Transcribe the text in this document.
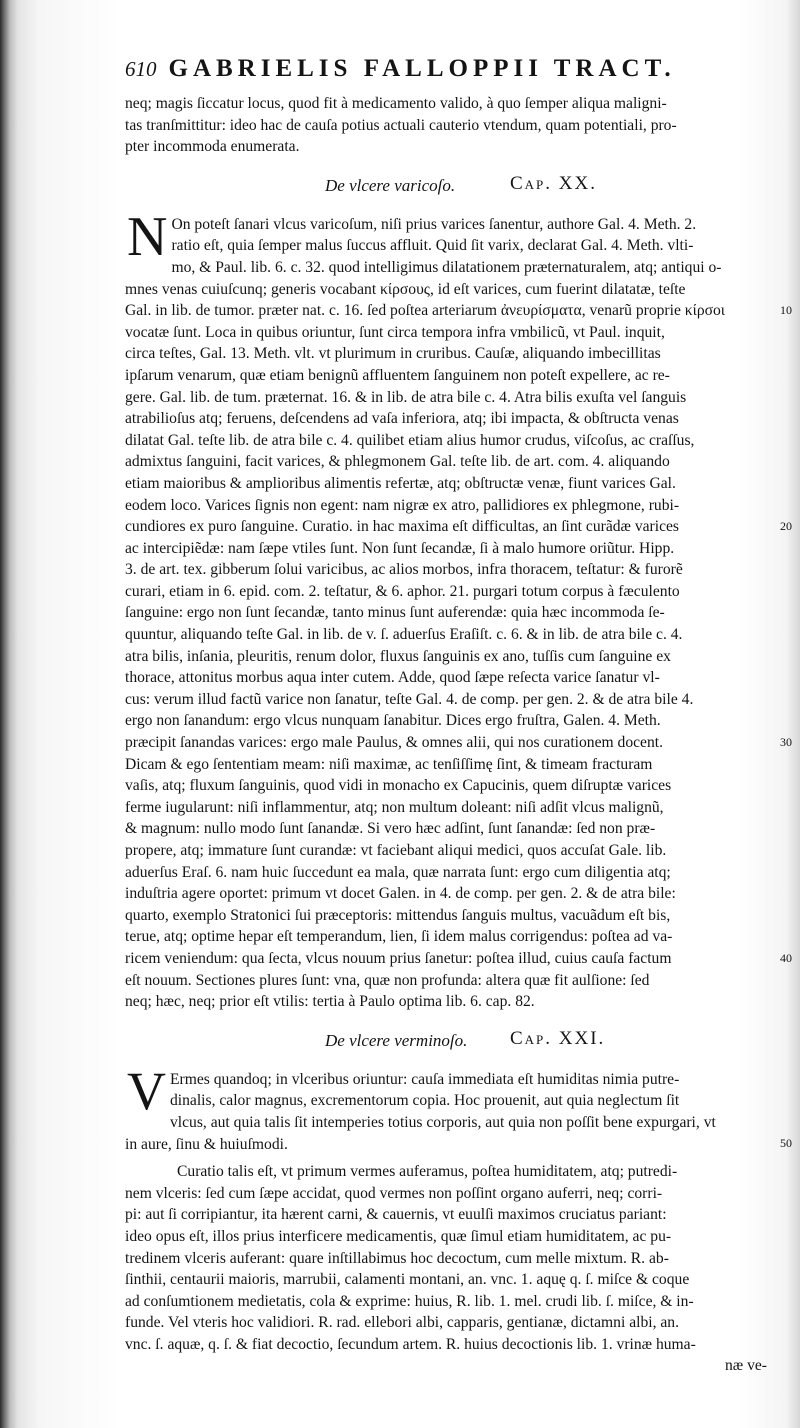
610 GABRIELIS FALLOPPII TRACT.
neq; magis ſiccatur locus, quod fit à medicamento valido, à quo ſemper aliqua maligni-
tas tranſmittitur: ideo hac de cauſa potius actuali cauterio vtendum, quam potentiali, pro-
pter incommoda enumerata.
De vlcere varicoſo.	Cap. XX.
N On poteſt ſanari vlcus varicoſum, niſi prius varices ſanentur, authore Gal. 4. Meth. 2.
ratio eſt, quia ſemper malus ſuccus affluit. Quid ſit varix, declarat Gal. 4. Meth. vlti-
mo, & Paul. lib. 6. c. 32. quod intelligimus dilatationem præternaturalem, atq; antiqui o-
mnes venas cuiuſcunq; generis vocabant κίρσους, id eſt varices, cum fuerint dilatatæ, teſte
Gal. in lib. de tumor. præter nat. c. 16. ſed poſtea arteriarum ἀνευρίσματα, venarũ proprie κίρσοι
vocatæ ſunt. Loca in quibus oriuntur, ſunt circa tempora infra vmbilicũ, vt Paul. inquit,
circa teſtes, Gal. 13. Meth. vlt. vt plurimum in cruribus. Cauſæ, aliquando imbecillitas
ipſarum venarum, quæ etiam benignũ affluentem ſanguinem non poteſt expellere, ac re-
gere. Gal. lib. de tum. præternat. 16. & in lib. de atra bile c. 4. Atra bilis exuſta vel ſanguis
atrabilioſus atq; feruens, deſcendens ad vaſa inferiora, atq; ibi impacta, & obſtructa venas
dilatat Gal. teſte lib. de atra bile c. 4. quilibet etiam alius humor crudus, viſcoſus, ac craſſus,
admixtus ſanguini, facit varices, & phlegmonem Gal. teſte lib. de art. com. 4. aliquando
etiam maioribus & amplioribus alimentis refertæ, atq; obſtructæ venæ, fiunt varices Gal.
eodem loco. Varices ſignis non egent: nam nigræ ex atro, pallidiores ex phlegmone, rubi-
cundiores ex puro ſanguine. Curatio. in hac maxima eſt difficultas, an ſint curãdæ varices
ac intercipiẽdæ: nam ſæpe vtiles ſunt. Non ſunt ſecandæ, ſi à malo humore oriũtur. Hipp.
3. de art. tex. gibberum ſolui varicibus, ac alios morbos, infra thoracem, teſtatur: & furorẽ
curari, etiam in 6. epid. com. 2. teſtatur, & 6. aphor. 21. purgari totum corpus à fæculento
ſanguine: ergo non ſunt ſecandæ, tanto minus ſunt auferendæ: quia hæc incommoda ſe-
quuntur, aliquando teſte Gal. in lib. de v. ſ. aduerſus Eraſiſt. c. 6. & in lib. de atra bile c. 4.
atra bilis, inſania, pleuritis, renum dolor, fluxus ſanguinis ex ano, tuſſis cum ſanguine ex
thorace, attonitus morbus aqua inter cutem. Adde, quod ſæpe reſecta varice ſanatur vl-
cus: verum illud factũ varice non ſanatur, teſte Gal. 4. de comp. per gen. 2. & de atra bile 4.
ergo non ſanandum: ergo vlcus nunquam ſanabitur. Dices ergo fruſtra, Galen. 4. Meth.
præcipit ſanandas varices: ergo male Paulus, & omnes alii, qui nos curationem docent.
Dicam & ego ſententiam meam: niſi maximæ, ac tenſiſſimę ſint, & timeam fracturam
vaſis, atq; fluxum ſanguinis, quod vidi in monacho ex Capucinis, quem diſruptæ varices
ferme iugularunt: niſi inflammentur, atq; non multum doleant: niſi adſit vlcus malignũ,
& magnum: nullo modo ſunt ſanandæ. Si vero hæc adſint, ſunt ſanandæ: ſed non præ-
propere, atq; immature ſunt curandæ: vt faciebant aliqui medici, quos accuſat Gale. lib.
aduerſus Eraſ. 6. nam huic ſuccedunt ea mala, quæ narrata ſunt: ergo cum diligentia atq;
induſtria agere oportet: primum vt docet Galen. in 4. de comp. per gen. 2. & de atra bile:
quarto, exemplo Stratonici ſui præceptoris: mittendus ſanguis multus, vacuãdum eſt bis,
terue, atq; optime hepar eſt temperandum, lien, ſi idem malus corrigendus: poſtea ad va-
ricem veniendum: qua ſecta, vlcus nouum prius ſanetur: poſtea illud, cuius cauſa factum
eſt nouum. Sectiones plures ſunt: vna, quæ non profunda: altera quæ fit aulſione: ſed
neq; hæc, neq; prior eſt vtilis: tertia à Paulo optima lib. 6. cap. 82.
10
20
30
40
De vlcere verminoſo. Cap. XXI.
V Ermes quandoq; in vlceribus oriuntur: cauſa immediata eſt humiditas nimia putre-
dinalis, calor magnus, excrementorum copia. Hoc prouenit, aut quia neglectum ſit
vlcus, aut quia talis ſit intemperies totius corporis, aut quia non poſſit bene expurgari, vt
in aure, ſinu & huiuſmodi.	50
Curatio talis eſt, vt primum vermes auferamus, poſtea humiditatem, atq; putredi-
nem vlceris: ſed cum ſæpe accidat, quod vermes non poſſint organo auferri, neq; corri-
pi: aut ſi corripiantur, ita hærent carni, & cauernis, vt euulſi maximos cruciatus pariant:
ideo opus eſt, illos prius interficere medicamentis, quæ ſimul etiam humiditatem, ac pu-
tredinem vlceris auferant: quare inſtillabimus hoc decoctum, cum melle mixtum. R. ab-
ſinthii, centaurii maioris, marrubii, calamenti montani, an. vnc. 1. aquę q. ſ. miſce & coque
ad conſumtionem medietatis, cola & exprime: huius, R. lib. 1. mel. crudi lib. ſ. miſce, & in-
funde. Vel vteris hoc validiori. R. rad. ellebori albi, capparis, gentianæ, dictamni albi, an.
vnc. ſ. aquæ, q. ſ. & fiat decoctio, ſecundum artem. R. huius decoctionis lib. 1. vrinæ huma-
næ ve-
